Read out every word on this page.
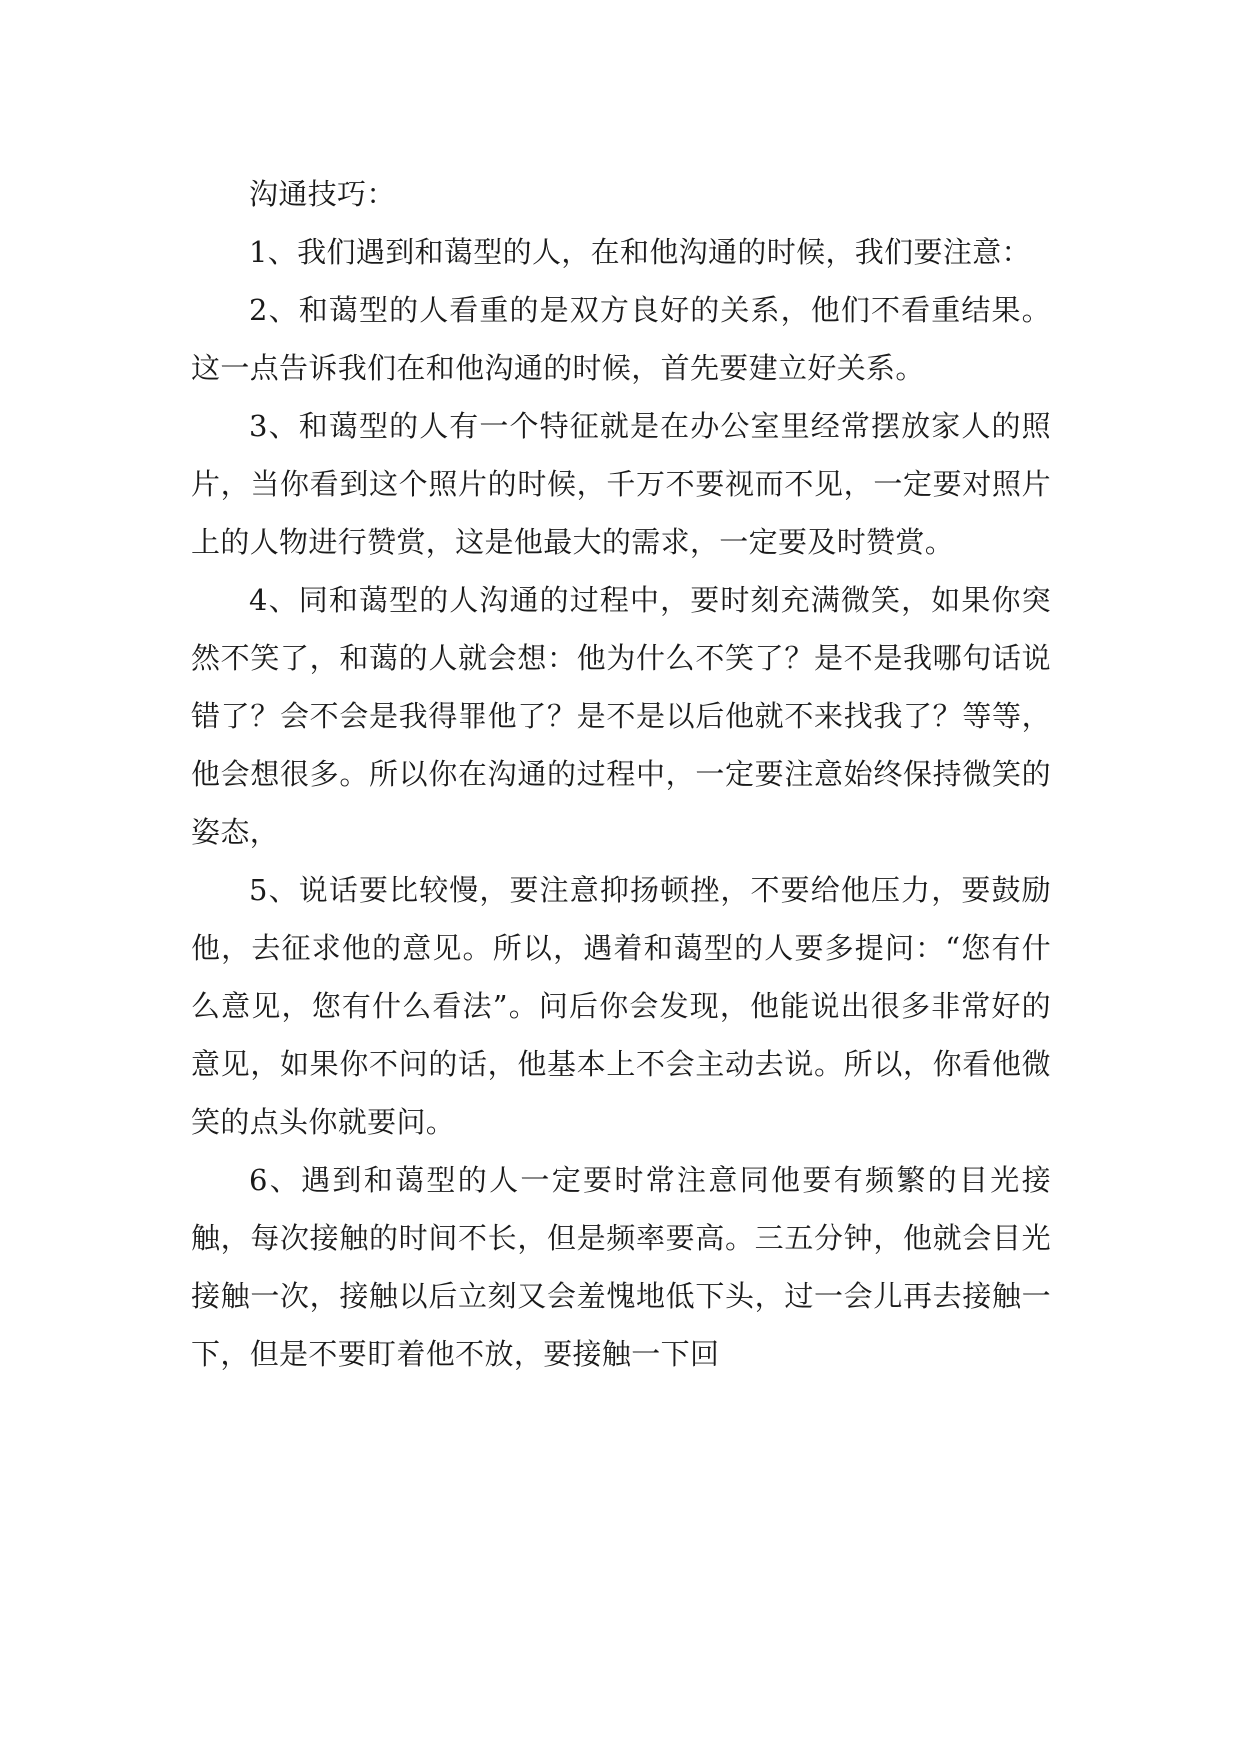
沟通技巧：

1、我们遇到和蔼型的人，在和他沟通的时候，我们要注意：

2、和蔼型的人看重的是双方良好的关系，他们不看重结果。这一点告诉我们在和他沟通的时候，首先要建立好关系。

3、和蔼型的人有一个特征就是在办公室里经常摆放家人的照片，当你看到这个照片的时候，千万不要视而不见，一定要对照片上的人物进行赞赏，这是他最大的需求，一定要及时赞赏。

4、同和蔼型的人沟通的过程中，要时刻充满微笑，如果你突然不笑了，和蔼的人就会想：他为什么不笑了？是不是我哪句话说错了？会不会是我得罪他了？是不是以后他就不来找我了？等等，他会想很多。所以你在沟通的过程中，一定要注意始终保持微笑的姿态，

5、说话要比较慢，要注意抑扬顿挫，不要给他压力，要鼓励他，去征求他的意见。所以，遇着和蔼型的人要多提问：“您有什么意见，您有什么看法”。问后你会发现，他能说出很多非常好的意见，如果你不问的话，他基本上不会主动去说。所以，你看他微笑的点头你就要问。

6、遇到和蔼型的人一定要时常注意同他要有频繁的目光接触，每次接触的时间不长，但是频率要高。三五分钟，他就会目光接触一次，接触以后立刻又会羞愧地低下头，过一会儿再去接触一下，但是不要盯着他不放，要接触一下回
